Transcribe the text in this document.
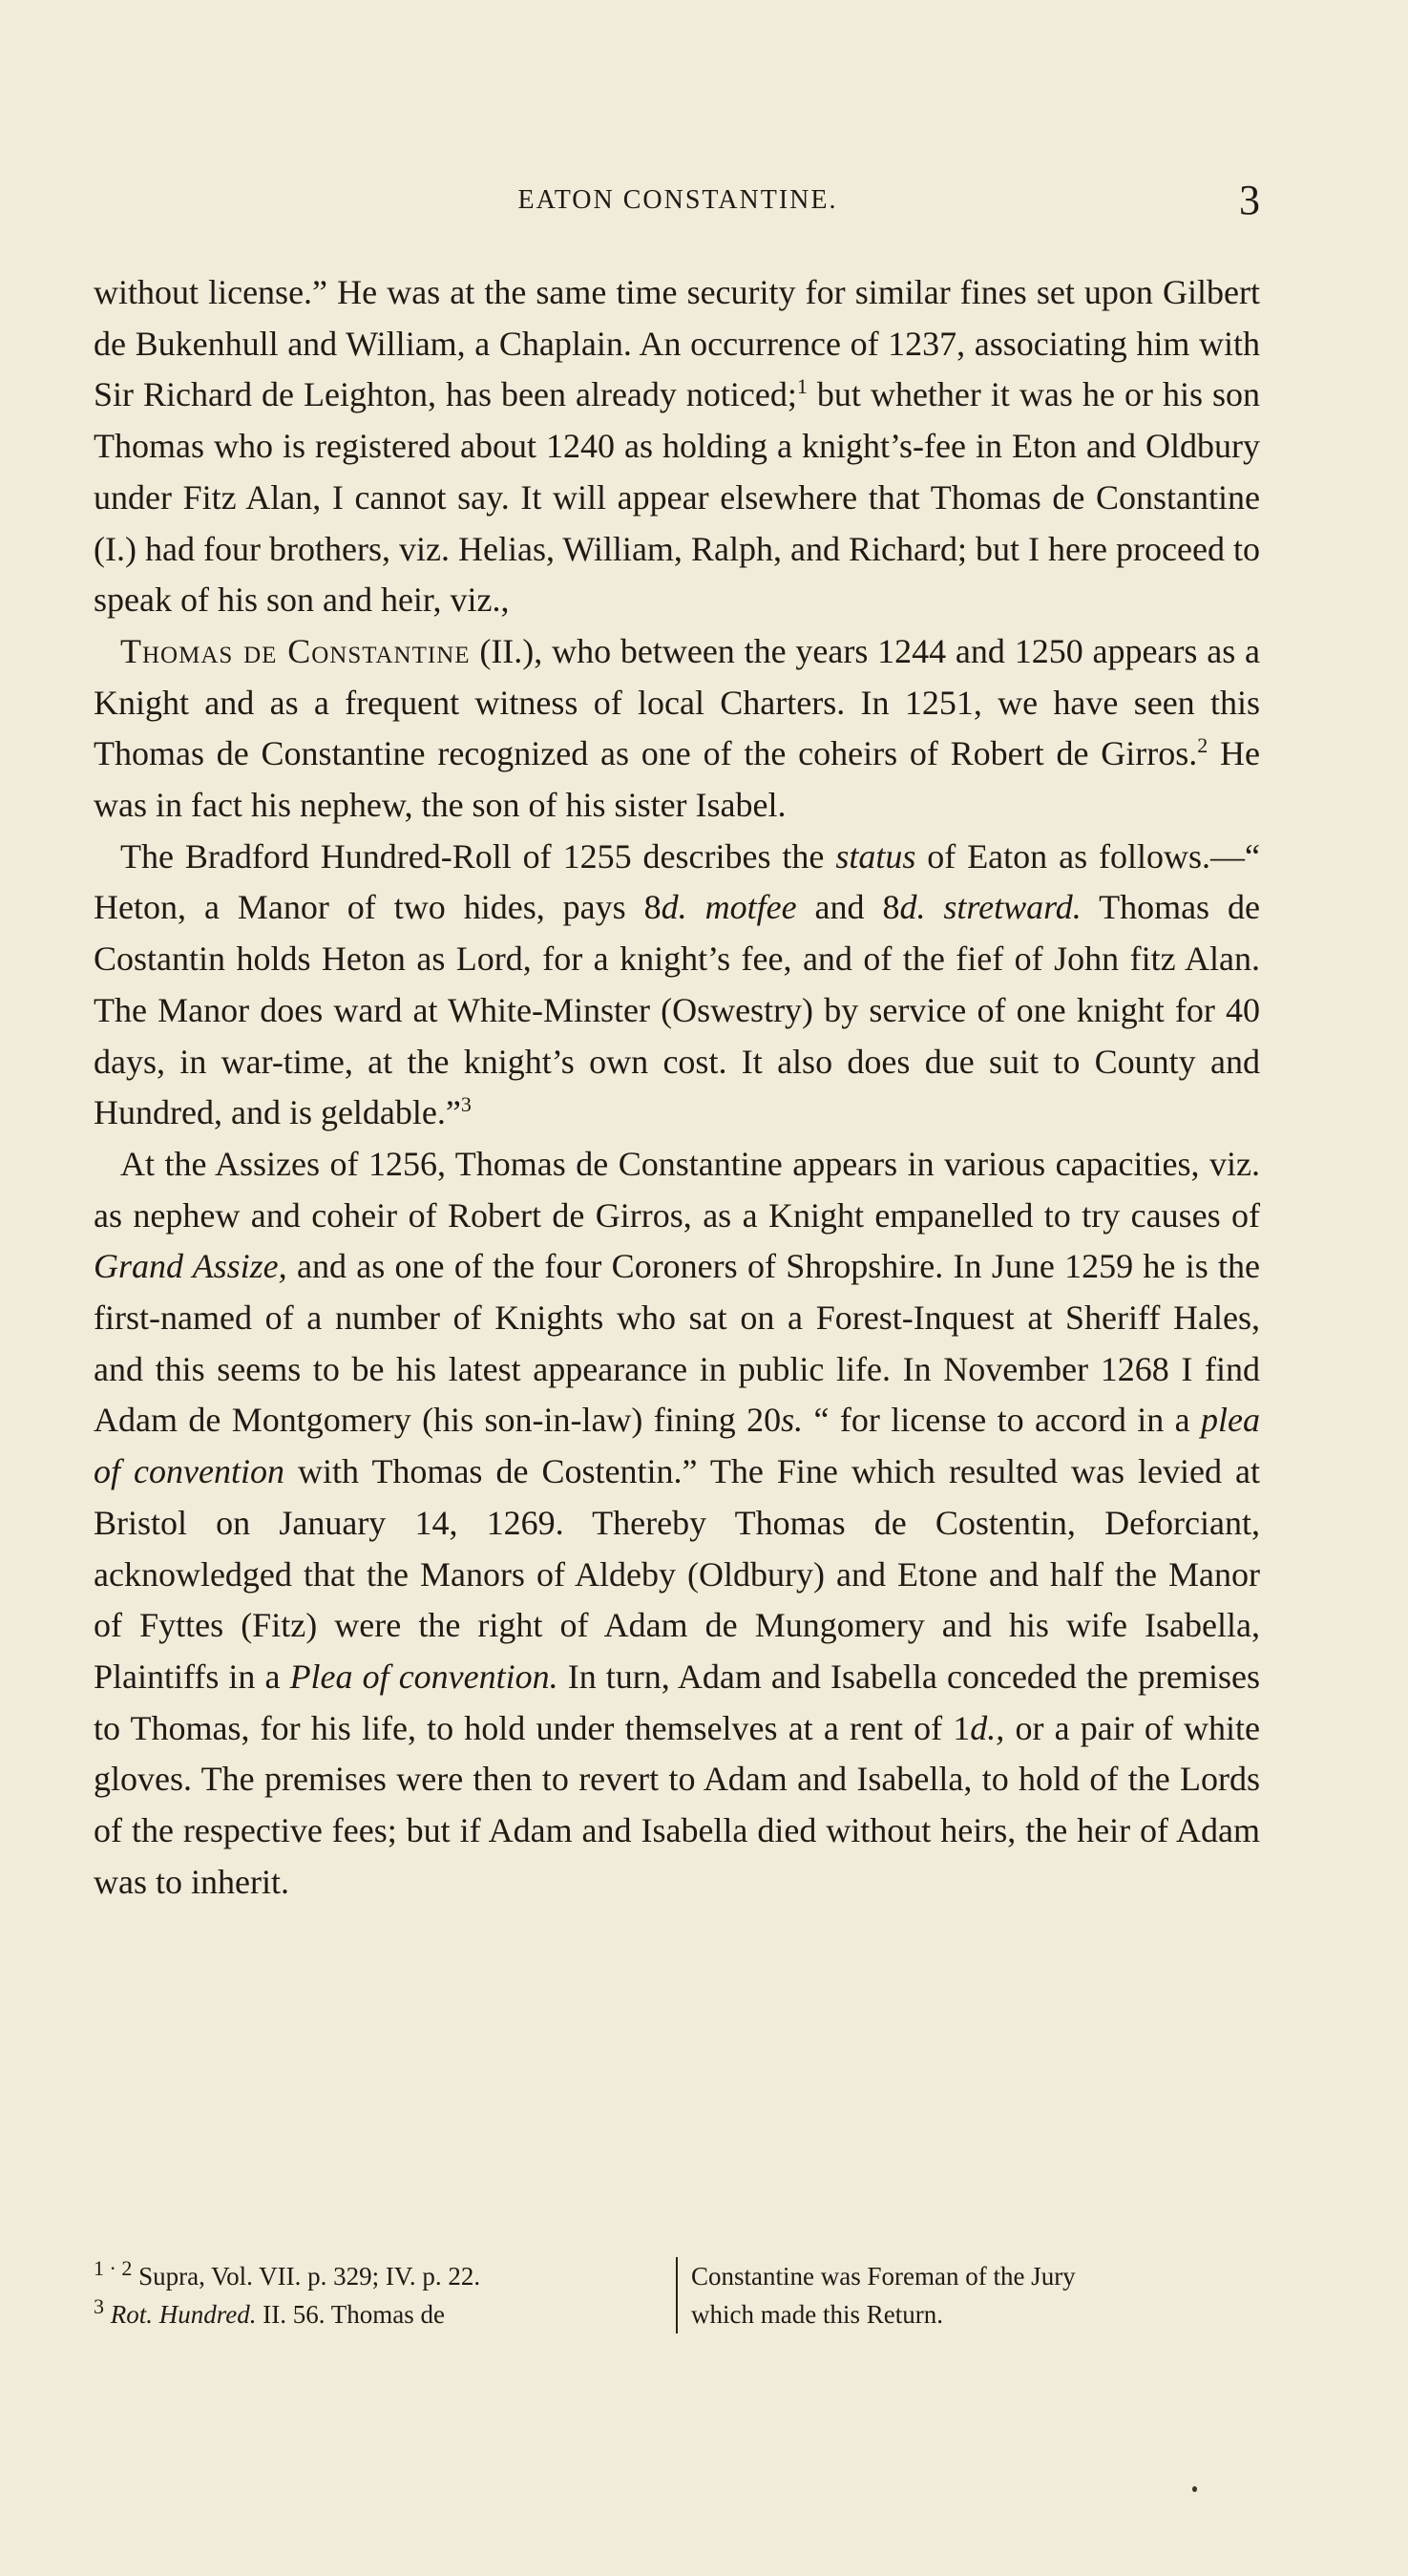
EATON CONSTANTINE.	3

without license.” He was at the same time security for similar fines set upon Gilbert de Bukenhull and William, a Chaplain. An occurrence of 1237, associating him with Sir Richard de Leighton, has been already noticed;$^1$ but whether it was he or his son Thomas who is registered about 1240 as holding a knight’s-fee in Eton and Oldbury under Fitz Alan, I cannot say. It will appear elsewhere that Thomas de Constantine (I.) had four brothers, viz. Helias, William, Ralph, and Richard; but I here proceed to speak of his son and heir, viz.,

Thomas de Constantine (II.), who between the years 1244 and 1250 appears as a Knight and as a frequent witness of local Charters. In 1251, we have seen this Thomas de Constantine recognized as one of the coheirs of Robert de Girros.$^2$ He was in fact his nephew, the son of his sister Isabel.

The Bradford Hundred-Roll of 1255 describes the status of Eaton as follows.—“ Heton, a Manor of two hides, pays 8d. motfee and 8d. stretward. Thomas de Costantin holds Heton as Lord, for a knight’s fee, and of the fief of John fitz Alan. The Manor does ward at White-Minster (Oswestry) by service of one knight for 40 days, in war-time, at the knight’s own cost. It also does due suit to County and Hundred, and is geldable.”$^3$

At the Assizes of 1256, Thomas de Constantine appears in various capacities, viz. as nephew and coheir of Robert de Girros, as a Knight empanelled to try causes of Grand Assize, and as one of the four Coroners of Shropshire. In June 1259 he is the first-named of a number of Knights who sat on a Forest-Inquest at Sheriff Hales, and this seems to be his latest appearance in public life. In November 1268 I find Adam de Montgomery (his son-in-law) fining 20s. “ for license to accord in a plea of convention with Thomas de Costentin.” The Fine which resulted was levied at Bristol on January 14, 1269. Thereby Thomas de Costentin, Deforciant, acknowledged that the Manors of Aldeby (Oldbury) and Etone and half the Manor of Fyttes (Fitz) were the right of Adam de Mungomery and his wife Isabella, Plaintiffs in a Plea of convention. In turn, Adam and Isabella conceded the premises to Thomas, for his life, to hold under themselves at a rent of 1d., or a pair of white gloves. The premises were then to revert to Adam and Isabella, to hold of the Lords of the respective fees; but if Adam and Isabella died without heirs, the heir of Adam was to inherit.

$^{1 \cdot 2}$ Supra, Vol. VII. p. 329; IV. p. 22.
$^3$ Rot. Hundred. II. 56. Thomas de
Constantine was Foreman of the Jury
which made this Return.
